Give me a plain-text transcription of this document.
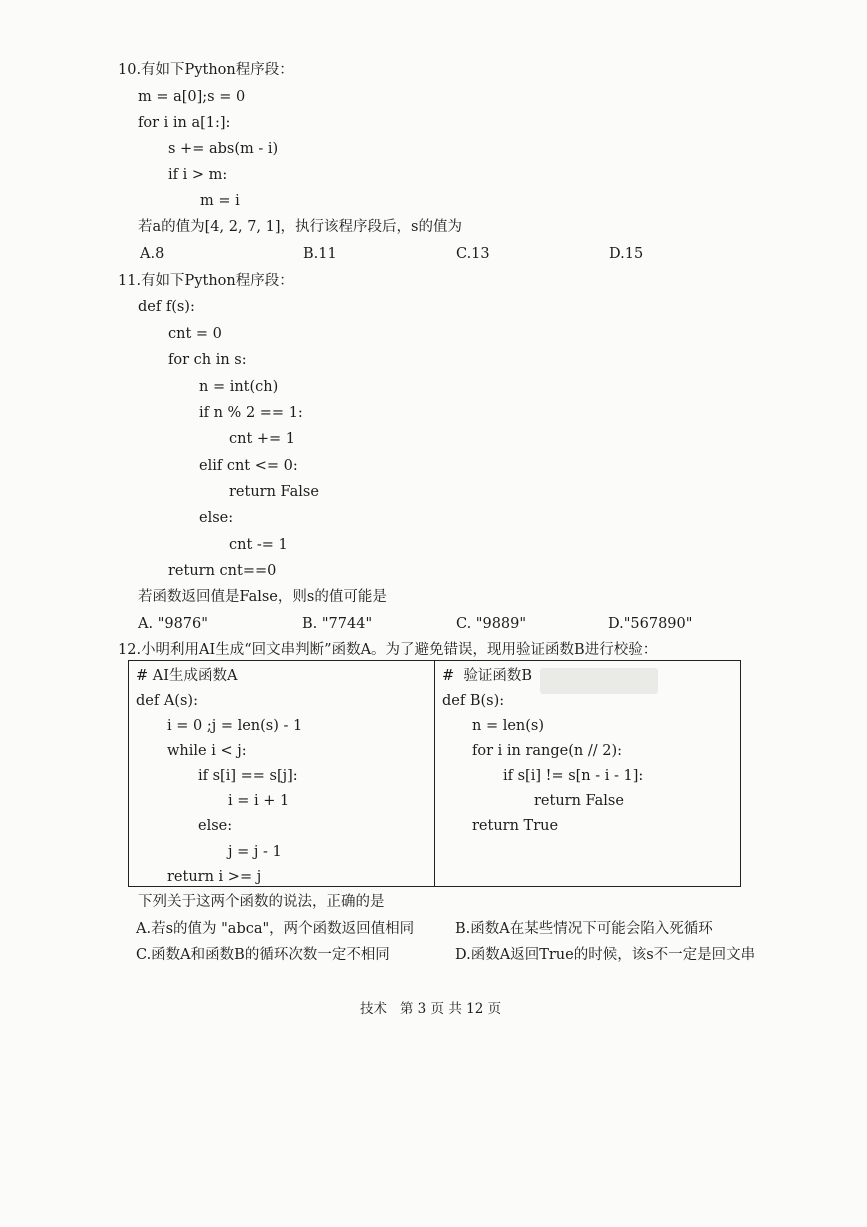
10.有如下Python程序段：
m = a[0];s = 0
for i in a[1:]:
s += abs(m - i)
if i > m:
m = i
若a的值为[4, 2, 7, 1]，执行该程序段后，s的值为
A.8	B.11	C.13	D.15
11.有如下Python程序段：
def f(s):
cnt = 0
for ch in s:
n = int(ch)
if n % 2 == 1:
cnt += 1
elif cnt <= 0:
return False
else:
cnt -= 1
return cnt==0
若函数返回值是False，则s的值可能是
A. "9876"	B. "7744"	C. "9889"	D."567890"
12.小明利用AI生成“回文串判断”函数A。为了避免错误，现用验证函数B进行校验：
# AI生成函数A
def A(s):
i = 0 ;j = len(s) - 1
while i < j:
if s[i] == s[j]:
i = i + 1
else:
j = j - 1
return i >= j
#  验证函数B
def B(s):
n = len(s)
for i in range(n // 2):
if s[i] != s[n - i - 1]:
return False
return True
下列关于这两个函数的说法，正确的是
A.若s的值为 "abca"，两个函数返回值相同	B.函数A在某些情况下可能会陷入死循环
C.函数A和函数B的循环次数一定不相同	D.函数A返回True的时候，该s不一定是回文串
技术   第 3 页 共 12 页
